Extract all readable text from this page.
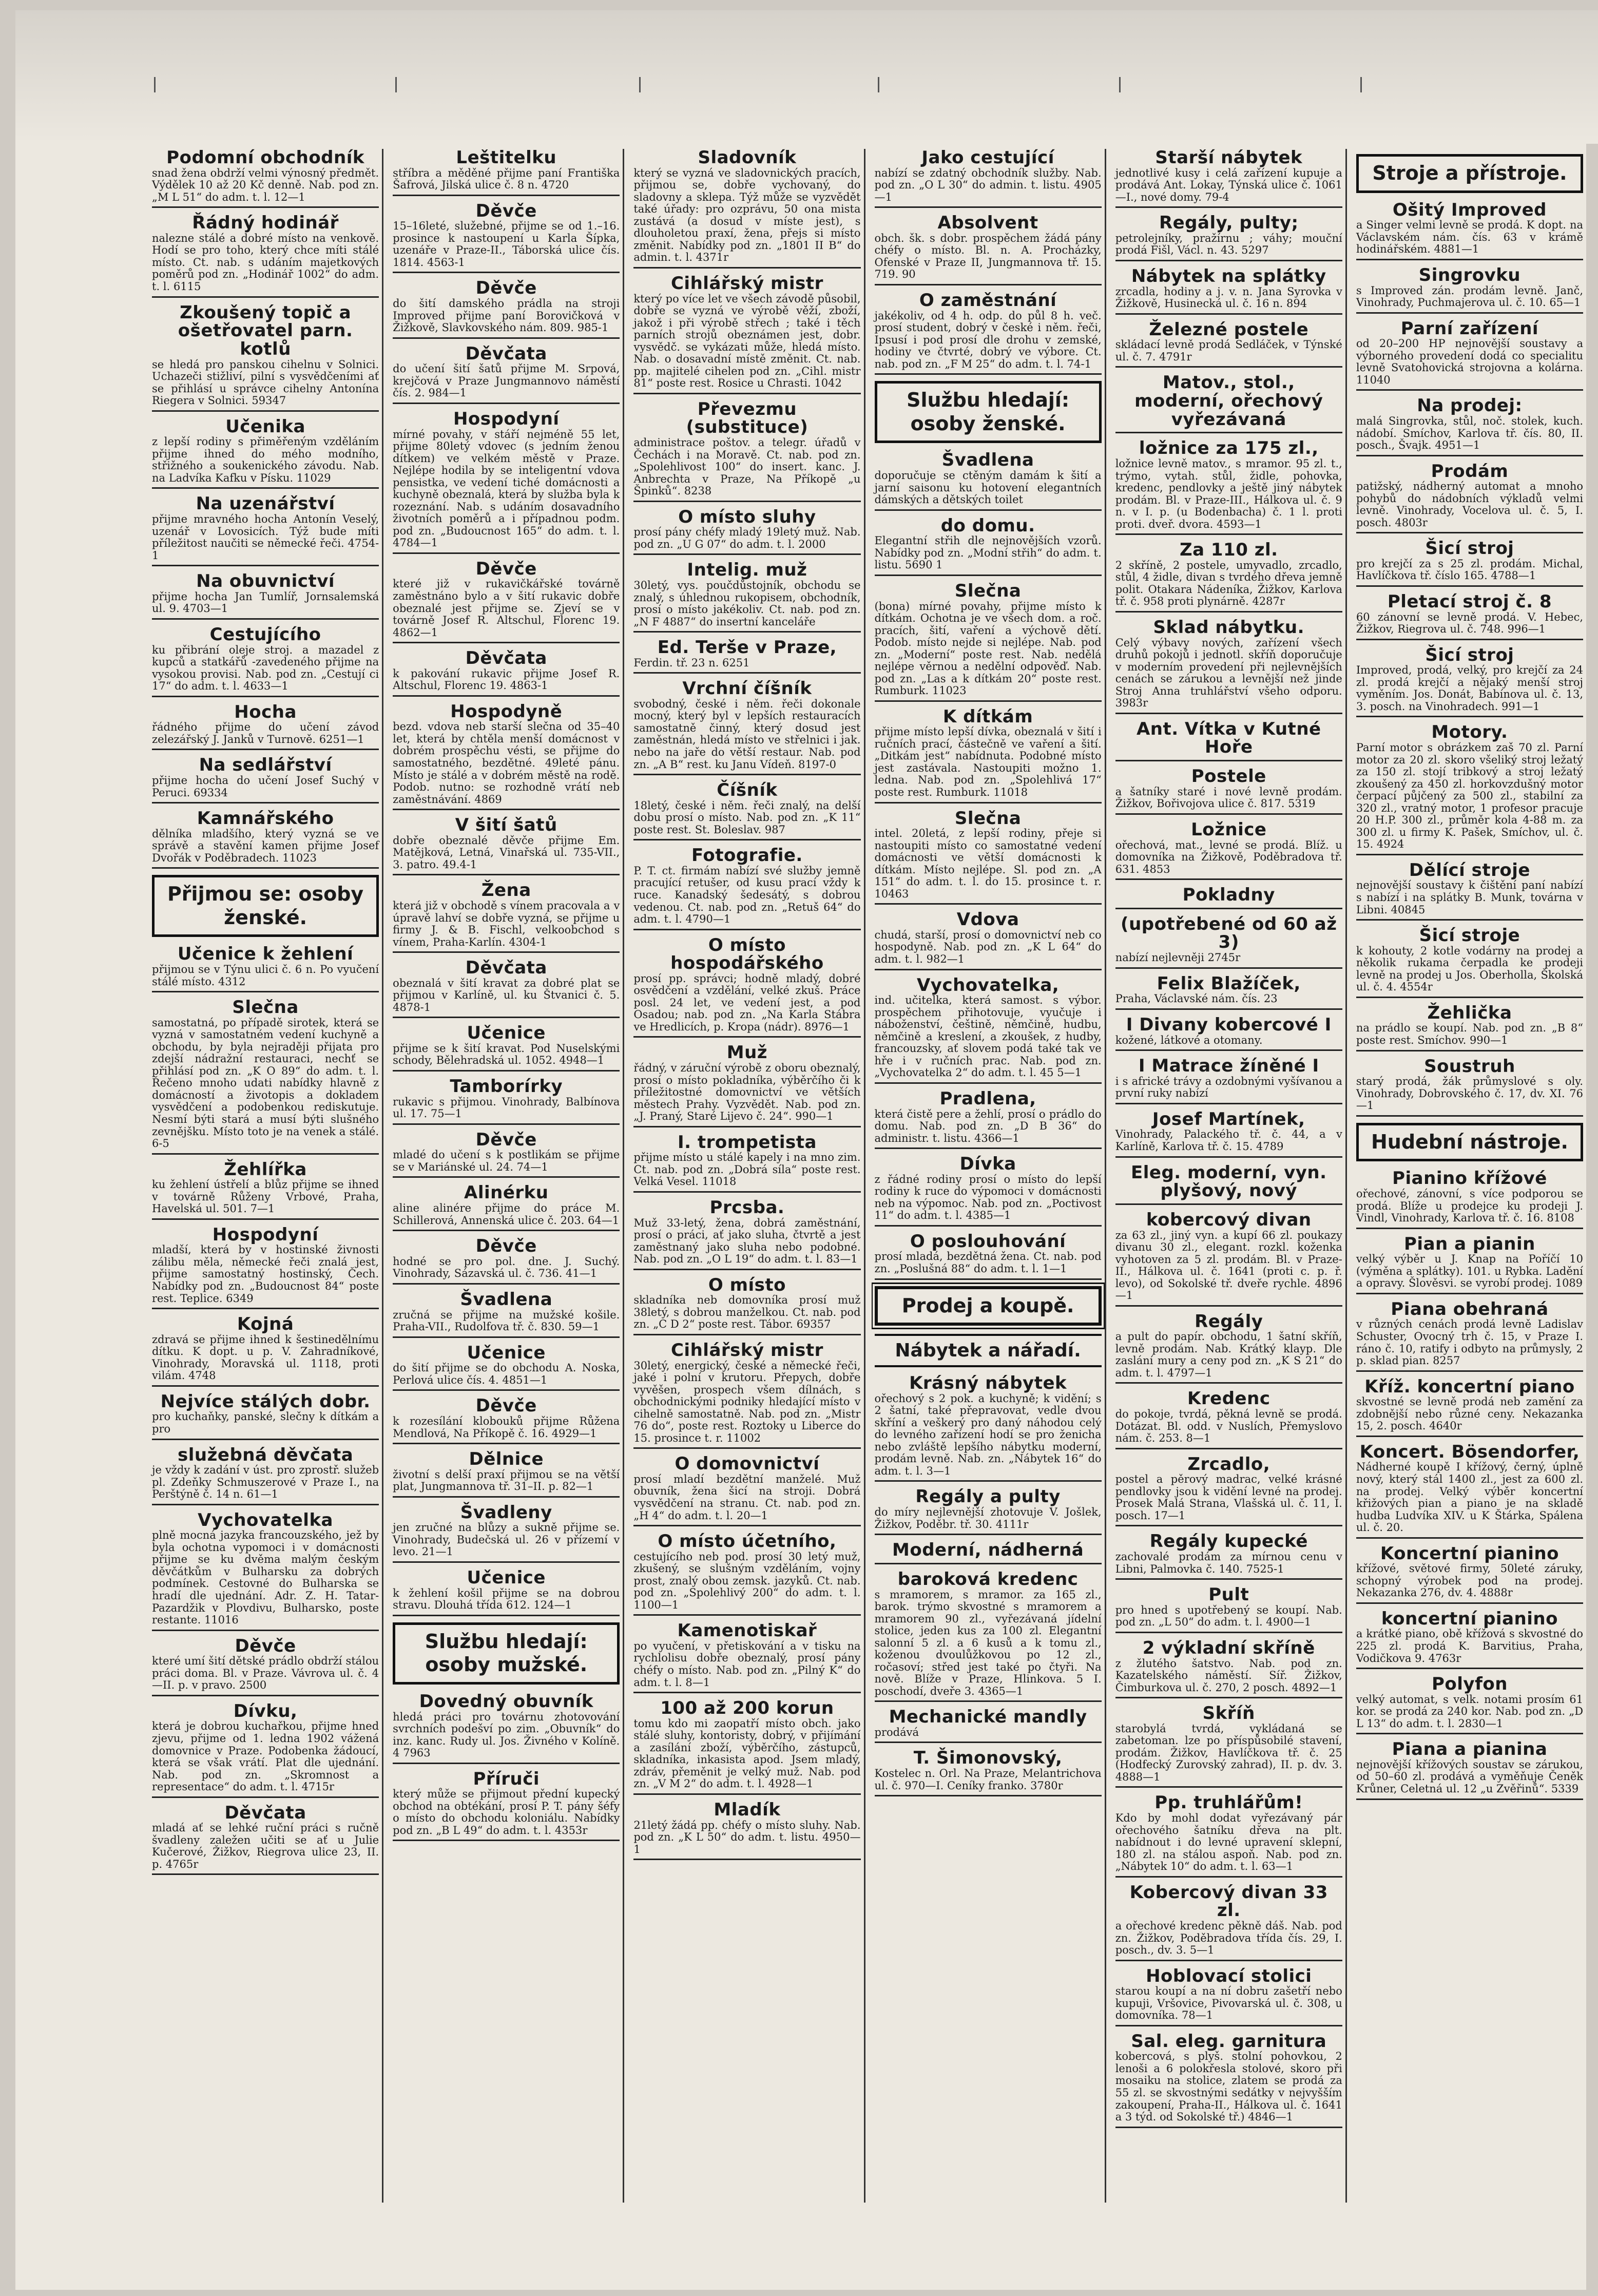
Podomní obchodník
snad žena obdrží velmi výnosný předmět. Výdělek 10 až 20 Kč denně. Nab. pod zn. „M L 51“ do adm. t. l. 12—1
Řádný hodinář
nalezne stálé a dobré místo na venkově. Hodí se pro toho, který chce míti stálé místo. Ct. nab. s udáním majetkových poměrů pod zn. „Hodinář 1002“ do adm. t. l. 6115
Zkoušený topič a ošetřovatel parn. kotlů
se hledá pro panskou cihelnu v Solnici. Uchazeči stižliví, pilní s vysvědčeními ať se přihlásí u správce cihelny Antonína Riegera v Solnici. 59347
Učenika
z lepší rodiny s přiměřeným vzděláním přijme ihned do mého modního, střižného a soukenického závodu. Nab. na Ladvíka Kafku v Písku. 11029
Na uzenářství
přijme mravného hocha Antonín Veselý, uzenář v Lovosicích. Týž bude míti příležitost naučiti se německé řeči. 4754-1
Na obuvnictví
přijme hocha Jan Tumlíř, Jornsalemská ul. 9. 4703—1
Cestujícího
ku přibrání oleje stroj. a mazadel z kupců a statkářů -zavedeného přijme na vysokou provisi. Nab. pod zn. „Cestují ci 17“ do adm. t. l. 4633—1
Hocha
řádného přijme do učení závod zelezářský J. Janků v Turnově. 6251—1
Na sedlářství
přijme hocha do učení Josef Suchý v Peruci. 69334
Kamnářského
dělníka mladšího, který vyzná se ve správě a stavění kamen přijme Josef Dvořák v Poděbradech. 11023
Přijmou se: osoby ženské.
Učenice k žehlení
přijmou se v Týnu ulici č. 6 n. Po vyučení stálé místo. 4312
Slečna
samostatná, po případě sirotek, která se vyzná v samostatném vedení kuchyně a obchodu, by byla nejraději přijata pro zdejší nádražní restauraci, nechť se přihlásí pod zn. „K O 89“ do adm. t. l. Řečeno mnoho udati nabídky hlavně z domácností a životopis a dokladem vysvědčení a podobenkou rediskutuje. Nesmí býti stará a musí býti slušného zevnějšku. Místo toto je na venek a stálé. 6-5
Žehlířka
ku žehlení ústřelí a blůz přijme se ihned v továrně Růženy Vrbové, Praha, Havelská ul. 501. 7—1
Hospodyní
mladší, která by v hostinské živnosti zálibu měla, německé řeči znalá jest, přijme samostatný hostinský, Čech. Nabídky pod zn. „Budoucnost 84“ poste rest. Teplice. 6349
Kojná
zdravá se přijme ihned k šestinedělnímu dítku. K dopt. u p. V. Zahradníkové, Vinohrady, Moravská ul. 1118, proti vilám. 4748
Nejvíce stálých dobr.
pro kuchaňky, panské, slečny k dítkám a pro
služebná děvčata
je vždy k zadání v úst. pro zprostř. služeb pl. Zdeňky Schmuszerové v Praze I., na Perštýně č. 14 n. 61—1
Vychovatelka
plně mocná jazyka francouzského, jež by byla ochotna vypomoci i v domácnosti přijme se ku dvěma malým českým děvčátkům v Bulharsku za dobrých podmínek. Cestovné do Bulharska se hradí dle ujednání. Adr. Z. H. Tatar-Pazardžik v Plovdivu, Bulharsko, poste restante. 11016
Děvče
které umí šití dětské prádlo obdrží stálou práci doma. Bl. v Praze. Vávrova ul. č. 4—II. p. v pravo. 2500
Dívku,
která je dobrou kuchařkou, přijme hned zjevu, přijme od 1. ledna 1902 vážená domovnice v Praze. Podobenka žádoucí, která se však vrátí. Plat dle ujednání. Nab. pod zn. „Skromnost a representace“ do adm. t. l. 4715r
Děvčata
mladá ať se lehké ruční práci s ručně švadleny zaležen učiti se ať u Julie Kučerové, Žižkov, Riegrova ulice 23, II. p. 4765r
Leštitelku
stříbra a měděné přijme paní Františka Šafrová, Jilská ulice č. 8 n. 4720
Děvče
15–16leté, služebné, přijme se od 1.–16. prosince k nastoupení u Karla Šípka, uzenáře v Praze-II., Táborská ulice čís. 1814. 4563-1
Děvče
do šití damského prádla na stroji Improved přijme paní Borovičková v Žižkově, Slavkovského nám. 809. 985-1
Děvčata
do učení šití šatů přijme M. Srpová, krejčová v Praze Jungmannovo náměstí čís. 2. 984—1
Hospodyní
mírné povahy, v stáří nejméně 55 let, přijme 80letý vdovec (s jedním ženou dítkem) ve velkém městě v Praze. Nejlépe hodila by se inteligentní vdova pensistka, ve vedení tiché domácnosti a kuchyně obeznalá, která by služba byla k rozeznání. Nab. s udáním dosavadního životních poměrů a i případnou podm. pod zn. „Budoucnost 165“ do adm. t. l. 4784—1
Děvče
které již v rukavičkářské továrně zaměstnáno bylo a v šití rukavic dobře obeznalé jest přijme se. Zjeví se v továrně Josef R. Altschul, Florenc 19. 4862—1
Děvčata
k pakování rukavic přijme Josef R. Altschul, Florenc 19. 4863-1
Hospodyně
bezd. vdova neb starší slečna od 35–40 let, která by chtěla menší domácnost v dobrém prospěchu vésti, se přijme do samostatného, bezdětné. 49leté pánu. Místo je stálé a v dobrém městě na rodě. Podob. nutno: se rozhodně vrátí neb zaměstnávání. 4869
V šití šatů
dobře obeznalé děvče přijme Em. Matějková, Letná, Vinařská ul. 735-VII., 3. patro. 49.4-1
Žena
která již v obchodě s vínem pracovala a v úpravě lahví se dobře vyzná, se přijme u firmy J. & B. Fischl, velkoobchod s vínem, Praha-Karlín. 4304-1
Děvčata
obeznalá v šití kravat za dobré plat se přijmou v Karlíně, ul. ku Štvanici č. 5. 4878-1
Učenice
přijme se k šití kravat. Pod Nuselskými schody, Bělehradská ul. 1052. 4948—1
Tamborírky
rukavic s přijmou. Vinohrady, Balbínova ul. 17. 75—1
Děvče
mladé do učení s k postlikám se přijme se v Mariánské ul. 24. 74—1
Alinérku
aline alinére přijme do práce M. Schillerová, Annenská ulice č. 203. 64—1
Děvče
hodné se pro pol. dne. J. Suchý. Vinohrady, Sázavská ul. č. 736. 41—1
Švadlena
zručná se přijme na mužské košile. Praha-VII., Rudolfova tř. č. 830. 59—1
Učenice
do šití přijme se do obchodu A. Noska, Perlová ulice čís. 4. 4851—1
Děvče
k rozesílání klobouků přijme Růžena Mendlová, Na Příkopě č. 16. 4929—1
Dělnice
životní s delší praxí přijmou se na větší plat, Jungmannova tř. 31–II. p. 82—1
Švadleny
jen zručné na blůzy a sukně přijme se. Vinohrady, Budečská ul. 26 v přízemí v levo. 21—1
Učenice
k žehlení košil přijme se na dobrou stravu. Dlouhá třída 612. 124—1
Službu hledají: osoby mužské.
Dovedný obuvník
hledá práci pro továrnu zhotovování svrchních podešví po zim. „Obuvník“ do inz. kanc. Rudy ul. Jos. Živného v Kolíně. 4 7963
Příruči
který může se přijmout přední kupecký obchod na obtékání, prosí P. T. pány šéfy o místo do obchodu koloniálu. Nabídky pod zn. „B L 49“ do adm. t. l. 4353r
Sladovník
který se vyzná ve sladovnických pracích, přijmou se, dobře vychovaný, do sladovny a sklepa. Týž může se vyzvědět také úřady: pro ozprávu, 50 ona mista zustává (a dosud v míste jest), s dlouholetou praxí, žena, přejs si místo změnit. Nabídky pod zn. „1801 II B“ do admin. t. l. 4371r
Cihlářský mistr
který po více let ve všech závodě působil, dobře se vyzná ve výrobě věží, zboží, jakož i při výrobě střech ; také i těch parních strojů obeznámen jest, dobr. vysvědč. se vykázati může, hledá místo. Nab. o dosavadní místě změnit. Ct. nab. pp. majitelé cihelen pod zn. „Cihl. mistr 81“ poste rest. Rosice u Chrasti. 1042
Převezmu (substituce)
administrace poštov. a telegr. úřadů v Čechách i na Moravě. Ct. nab. pod zn. „Spolehlivost 100“ do insert. kanc. J. Anbrechta v Praze, Na Příkopě „u Špinků“. 8238
O místo sluhy
prosí pány chéfy mladý 19letý muž. Nab. pod zn. „U G 07“ do adm. t. l. 2000
Intelig. muž
30letý, vys. poučdůstojník, obchodu se znalý, s úhlednou rukopisem, obchodník, prosí o místo jakékoliv. Ct. nab. pod zn. „N F 4887“ do insertní kanceláře
Ed. Terše v Praze,
Ferdin. tř. 23 n. 6251
Vrchní číšník
svobodný, české i něm. řeči dokonale mocný, který byl v lepších restauracích samostatně činný, který dosud jest zaměstnán, hledá místo ve střelnici i jak. nebo na jaře do větší restaur. Nab. pod zn. „A B“ rest. ku Janu Vídeň. 8197-0
Číšník
18letý, české i něm. řeči znalý, na delší dobu prosí o místo. Nab. pod zn. „K 11“ poste rest. St. Boleslav. 987
Fotografie.
P. T. ct. firmám nabízí své služby jemně pracující retušer, od kusu prací vždy k ruce. Kanadský šedesátý, s dobrou vedenou. Ct. nab. pod zn. „Retuš 64“ do adm. t. l. 4790—1
O místo hospodářského
prosí pp. správci; hodně mladý, dobré osvědčení a vzdělání, velké zkuš. Práce posl. 24 let, ve vedení jest, a pod Osadou; nab. pod zn. „Na Karla Stábra ve Hredlicích, p. Kropa (nádr). 8976—1
Muž
řádný, v záruční výrobě z oboru obeznalý, prosí o místo pokladníka, výběrčího či k příležitostné domovnictví ve větších městech Prahy. Vyzvědět. Nab. pod zn. „J. Praný, Staré Lijevo č. 24“. 990—1
I. trompetista
přijme místo u stálé kapely i na mno zim. Ct. nab. pod zn. „Dobrá síla“ poste rest. Velká Vesel. 11018
Prcsba.
Muž 33-letý, žena, dobrá zaměstnání, prosí o práci, ať jako sluha, čtvrtě a jest zaměstnaný jako sluha nebo podobné. Nab. pod zn. „O L 19“ do adm. t. l. 83—1
O místo
skladníka neb domovníka prosí muž 38letý, s dobrou manželkou. Ct. nab. pod zn. „C D 2“ poste rest. Tábor. 69357
Cihlářský mistr
30letý, energický, české a německé řeči, jaké i polní v krutoru. Přepych, dobře vyvěšen, prospech všem dílnách, s obchodnickými podniky hledající místo v cihelně samostatně. Nab. pod zn. „Mistr 76 do“, poste rest. Roztoky u Liberce do 15. prosince t. r. 11002
O domovnictví
prosí mladí bezdětní manželé. Muž obuvník, žena šicí na stroji. Dobrá vysvědčení na stranu. Ct. nab. pod zn. „H 4“ do adm. t. l. 20—1
O místo účetního,
cestujícího neb pod. prosí 30 letý muž, zkušený, se slušným vzděláním, vojny prost, znalý obou zemsk. jazyků. Ct. nab. pod zn. „Spolehlivý 200“ do adm. t. l. 1100—1
Kamenotiskař
po vyučení, v přetiskování a v tisku na rychlolisu dobře obeznalý, prosí pány chéfy o místo. Nab. pod zn. „Pilný K“ do adm. t. l. 8—1
100 až 200 korun
tomu kdo mi zaopatří místo obch. jako stálé sluhy, kontoristy, dobrý, v přijímání a zasílání zboží, výběrčího, zástupců, skladníka, inkasista apod. Jsem mladý, zdráv, přeměnit je velký muž. Nab. pod zn. „V M 2“ do adm. t. l. 4928—1
Mladík
21letý žádá pp. chéfy o místo sluhy. Nab. pod zn. „K L 50“ do adm. t. listu. 4950—1
Jako cestující
nabízí se zdatný obchodník služby. Nab. pod zn. „O L 30“ do admin. t. listu. 4905—1
Absolvent
obch. šk. s dobr. prospěchem žádá pány chéfy o místo. Bl. n. A. Procházky, Ofenské v Praze II, Jungmannova tř. 15. 719. 90
O zaměstnání
jakékoliv, od 4 h. odp. do půl 8 h. več. prosí student, dobrý v české i něm. řeči, Ipsusí i pod prosí dle drohu v zemské, hodiny ve čtvrté, dobrý ve výbore. Ct. nab. pod zn. „F M 25“ do adm. t. l. 74-1
Službu hledají: osoby ženské.
Švadlena
doporučuje se ctěným damám k šití a jarní saisonu ku hotovení elegantních dámských a dětských toilet
do domu.
Elegantní střih dle nejnovějších vzorů. Nabídky pod zn. „Modní střih“ do adm. t. listu. 5690 1
Slečna
(bona) mírné povahy, přijme místo k dítkám. Ochotna je ve všech dom. a roč. pracích, šití, vaření a výchově dětí. Podob. místo nejde si nejlépe. Nab. pod zn. „Moderní“ poste rest. Nab. nedělá nejlépe věrnou a nedělní odpověď. Nab. pod zn. „Las a k dítkám 20“ poste rest. Rumburk. 11023
K dítkám
přijme místo lepší dívka, obeznalá v šití i ručních prací, částečně ve vaření a šití. „Ditkám jest“ nabídnuta. Podobné místo jest zastávala. Nastoupiti možno 1. ledna. Nab. pod zn. „Spolehlivá 17“ poste rest. Rumburk. 11018
Slečna
intel. 20letá, z lepší rodiny, přeje si nastoupiti místo co samostatné vedení domácnosti ve větší domácnosti k dítkám. Místo nejlépe. Sl. pod zn. „A 151“ do adm. t. l. do 15. prosince t. r. 10463
Vdova
chudá, starší, prosí o domovnictví neb co hospodyně. Nab. pod zn. „K L 64“ do adm. t. l. 982—1
Vychovatelka,
ind. učitelka, která samost. s výbor. prospěchem přihotovuje, vyučuje i náboženství, češtině, němčině, hudbu, němčině a kreslení, a zkoušek, z hudby, francouzsky, ať slovem podá také tak ve hře i v ručních prac. Nab. pod zn. „Vychovatelka 2“ do adm. t. l. 45 5—1
Pradlena,
která čistě pere a žehlí, prosí o prádlo do domu. Nab. pod zn. „D B 36“ do administr. t. listu. 4366—1
Dívka
z řádné rodiny prosí o místo do lepší rodiny k ruce do výpomoci v domácnosti neb na výpomoc. Nab. pod zn. „Poctivost 11“ do adm. t. l. 4385—1
O poslouhování
prosí mladá, bezdětná žena. Ct. nab. pod zn. „Poslušná 88“ do adm. t. l. 1—1
Prodej a koupě.
Nábytek a nářadí.
Krásný nábytek
ořechový s 2 pok. a kuchyně; k vidění; s 2 šatní, také přepravovat, vedle dvou skříní a veškerý pro daný náhodou celý do levného zařízení hodí se pro ženicha nebo zvláště lepšího nábytku moderní, prodám levně. Nab. zn. „Nábytek 16“ do adm. t. l. 3—1
Regály a pulty
do míry nejlevnější zhotovuje V. Jošlek, Žižkov, Poděbr. tř. 30. 4111r
Moderní, nádherná
baroková kredenc
s mramorem, s mramor. za 165 zl., barok. trýmo skvostné s mramorem a mramorem 90 zl., vyřezávaná jídelní stolice, jeden kus za 100 zl. Elegantní salonní 5 zl. a 6 kusů a k tomu zl., koženou dvoulůžkovou po 12 zl., ročasoví; střed jest také po čtyři. Na nově. Blíže v Praze, Hlinkova. 5 I. poschodí, dveře 3. 4365—1
Mechanické mandly
prodává
T. Šimonovský,
Kostelec n. Orl. Na Praze, Melantrichova ul. č. 970—I. Ceníky franko. 3780r
Starší nábytek
jednotlivé kusy i celá zařízení kupuje a prodává Ant. Lokay, Týnská ulice č. 1061—I., nové domy. 79-4
Regály, pulty;
petrolejníky, pražírnu ; váhy; mouční prodá Fišl, Václ. n. 43. 5297
Nábytek na splátky
zrcadla, hodiny a j. v. n. Jana Syrovka v Žižkově, Husinecká ul. č. 16 n. 894
Železné postele
skládací levně prodá Sedláček, v Týnské ul. č. 7. 4791r
Matov., stol., moderní, ořechový vyřezávaná
ložnice za 175 zl.,
ložnice levně matov., s mramor. 95 zl. t., trýmo, vytah. stůl, židle, pohovka, kredenc, pendlovky a ještě jiný nábytek prodám. Bl. v Praze-III., Hálkova ul. č. 9 n. v I. p. (u Bodenbacha) č. 1 l. proti proti. dveř. dvora. 4593—1
Za 110 zl.
2 skříně, 2 postele, umyvadlo, zrcadlo, stůl, 4 židle, divan s tvrdého dřeva jemně polit. Otakara Nádeníka, Žižkov, Karlova tř. č. 958 proti plynárně. 4287r
Sklad nábytku.
Celý výbavy nových, zařízení všech druhů pokojů i jednotl. skříň doporučuje v moderním provedení při nejlevnějších cenách se zárukou a levnější než jinde Stroj Anna truhlářství všeho odporu. 3983r
Ant. Vítka v Kutné Hoře
Postele
a šatníky staré i nové levně prodám. Žižkov, Bořivojova ulice č. 817. 5319
Ložnice
ořechová, mat., levné se prodá. Blíž. u domovníka na Žižkově, Poděbradova tř. 631. 4853
Pokladny
(upotřebené od 60 až 3)
nabízí nejlevněji 2745r
Felix Blažíček,
Praha, Václavské nám. čís. 23
I Divany kobercové I
kožené, látkové a otomany.
I Matrace žíněné I
i s africké trávy a ozdobnými vyšívanou a první ruky nabízí
Josef Martínek,
Vinohrady, Palackého tř. č. 44, a v Karlíně, Karlova tř. č. 15. 4789
Eleg. moderní, vyn. plyšový, nový
kobercový divan
za 63 zl., jiný vyn. a kupí 66 zl. poukazy divanu 30 zl., elegant. rozkl. koženka vyhotoven za 5 zl. prodám. Bl. v Praze-II., Hálkova ul. č. 1641 (proti c. p. ř. levo), od Sokolské tř. dveře rychle. 4896—1
Regály
a pult do papír. obchodu, 1 šatní skříň, levně prodám. Nab. Krátký klayp. Dle zaslání mury a ceny pod zn. „K S 21“ do adm. t. l. 4797—1
Kredenc
do pokoje, tvrdá, pěkná levně se prodá. Dotázat. Bl. odd. v Nuslích, Přemyslovo nám. č. 253. 8—1
Zrcadlo,
postel a pěrový madrac, velké krásné pendlovky jsou k vidění levné na prodej. Prosek Malá Strana, Vlašská ul. č. 11, I. posch. 17—1
Regály kupecké
zachovalé prodám za mírnou cenu v Libni, Palmovka č. 140. 7525-1
Pult
pro hned s upotřebený se koupí. Nab. pod zn. „L 50“ do adm. t. l. 4900—1
2 výkladní skříně
z žlutého šatstvo. Nab. pod zn. Kazatelského náměstí. Síř. Žižkov, Čimburkova ul. č. 270, 2 posch. 4892—1
Skříň
starobylá tvrdá, vykládaná se zabetoman. lze po příspůsobilé stavení, prodám. Žižkov, Havlíčkova tř. č. 25 (Hodfecký Zurovský zahrad), II. p. dv. 3. 4888—1
Pp. truhlářům!
Kdo by mohl dodat vyřezávaný pár ořechového šatníku dřeva na plt. nabídnout i do levné upravení sklepní, 180 zl. na stálou aspoň. Nab. pod zn. „Nábytek 10“ do adm. t. l. 63—1
Kobercový divan 33 zl.
a ořechové kredenc pěkně dáš. Nab. pod zn. Žižkov, Poděbradova třída čís. 29, I. posch., dv. 3. 5—1
Hoblovací stolici
starou koupí a na ní dobru zašetří nebo kupuji, Vršovice, Pivovarská ul. č. 308, u domovníka. 78—1
Sal. eleg. garnitura
kobercová, s plyš. stolní pohovkou, 2 lenoši a 6 polokřesla stolové, skoro při mosaiku na stolice, zlatem se prodá za 55 zl. se skvostnými sedátky v nejvyšším zakoupení, Praha-II., Hálkova ul. č. 1641 a 3 týd. od Sokolské tř.) 4846—1
Stroje a přístroje.
Ošitý Improved
a Singer velmi levně se prodá. K dopt. na Václavském nám. čís. 63 v krámě hodinářském. 4881—1
Singrovku
s Improved zán. prodám levně. Janč, Vinohrady, Puchmajerova ul. č. 10. 65—1
Parní zařízení
od 20–200 HP nejnovější soustavy a výborného provedení dodá co specialitu levně Svatohovická strojovna a kolárna. 11040
Na prodej:
malá Singrovka, stůl, noč. stolek, kuch. nádobí. Smíchov, Karlova tř. čís. 80, II. posch., Švajk. 4951—1
Prodám
patižský, nádherný automat a mnoho pohybů do nádobních výkladů velmi levně. Vinohrady, Vocelova ul. č. 5, I. posch. 4803r
Šicí stroj
pro krejčí za s 25 zl. prodám. Michal, Havlíčkova tř. číslo 165. 4788—1
Pletací stroj č. 8
60 zánovní se levně prodá. V. Hebec, Žižkov, Riegrova ul. č. 748. 996—1
Šicí stroj
Improved, prodá, velký, pro krejčí za 24 zl. prodá krejčí a nějaký menší stroj vyměním. Jos. Donát, Babínova ul. č. 13, 3. posch. na Vinohradech. 991—1
Motory.
Parní motor s obrázkem zaš 70 zl. Parní motor za 20 zl. skoro všeliký stroj ležatý za 150 zl. stojí tribkový a stroj ležatý zkoušený za 450 zl. horkovzdušný motor čerpací půjčený za 500 zl., stabilní za 320 zl., vratný motor, 1 profesor pracuje 20 H.P. 300 zl., průměr kola 4-88 m. za 300 zl. u firmy K. Pašek, Smíchov, ul. č. 15. 4924
Dělící stroje
nejnovější soustavy k čištění paní nabízí s nabízí i na splátky B. Munk, továrna v Libni. 40845
Šicí stroje
k kohouty, 2 kotle vodárny na prodej a několik rukama čerpadla ke prodeji levně na prodej u Jos. Oberholla, Školská ul. č. 4. 4554r
Žehlička
na prádlo se koupí. Nab. pod zn. „B 8“ poste rest. Smíchov. 990—1
Soustruh
starý prodá, žák průmyslové s oly. Vinohrady, Dobrovského č. 17, dv. XI. 76—1
Hudební nástroje.
Pianino křížové
ořechové, zánovní, s více podporou se prodá. Blíže u prodejce ku prodeji J. Vindl, Vinohrady, Karlova tř. č. 16. 8108
Pian a pianin
velký výběr u J. Knap na Poříčí 10 (výměna a splátky). 101. u Rybka. Ladění a opravy. Šlověsvi. se vyrobí prodej. 1089
Piana obehraná
v různých cenách prodá levně Ladislav Schuster, Ovocný trh č. 15, v Praze I. ráno č. 10, ratify i odbyto na průmysly, 2 p. sklad pian. 8257
Kříž. koncertní piano
skvostné se levně prodá neb zamění za zdobnější nebo různé ceny. Nekazanka 15, 2. posch. 4640r
Koncert. Bösendorfer,
Nádherné koupě I křížový, černý, úplně nový, který stál 1400 zl., jest za 600 zl. na prodej. Velký výběr koncertní křižových pian a piano je na skladě hudba Ludvíka XIV. u K Štárka, Spálena ul. č. 20.
Koncertní pianino
křížové, světové firmy, 50leté záruky, schopný výrobek pod na prodej. Nekazanka 276, dv. 4. 4888r
koncertní pianino
a krátké piano, obě křížová s skvostné do 225 zl. prodá K. Barvitius, Praha, Vodičkova 9. 4763r
Polyfon
velký automat, s velk. notami prosím 61 kor. se prodá za 240 kor. Nab. pod zn. „D L 13“ do adm. t. l. 2830—1
Piana a pianina
nejnovější křížových soustav se zárukou, od 50–60 zl. prodává a vyměňuje Čeněk Krůner, Celetná ul. 12 „u Zvěřinů“. 5339
